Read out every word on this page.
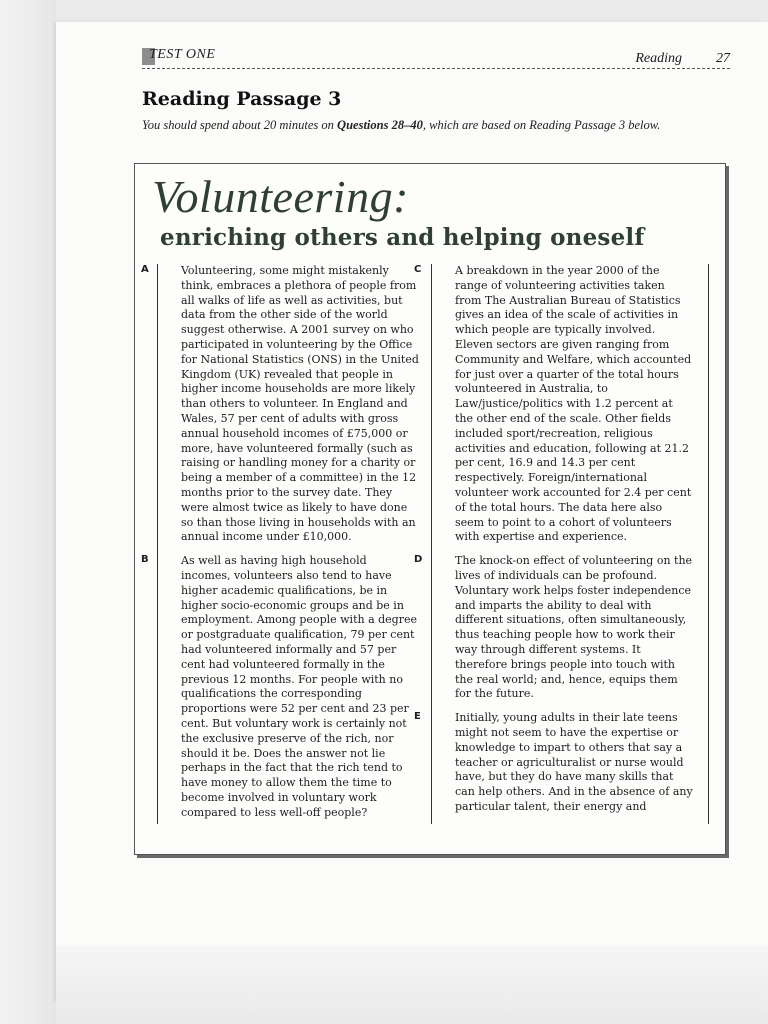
TEST ONE	Reading 27
Reading Passage 3
You should spend about 20 minutes on Questions 28–40, which are based on Reading Passage 3 below.
Volunteering:
enriching others and helping oneself
A	Volunteering, some might mistakenly think, embraces a plethora of people from all walks of life as well as activities, but data from the other side of the world suggest otherwise. A 2001 survey on who participated in volunteering by the Office for National Statistics (ONS) in the United Kingdom (UK) revealed that people in higher income households are more likely than others to volunteer. In England and Wales, 57 per cent of adults with gross annual household incomes of £75,000 or more, have volunteered formally (such as raising or handling money for a charity or being a member of a committee) in the 12 months prior to the survey date. They were almost twice as likely to have done so than those living in households with an annual income under £10,000.

B	As well as having high household incomes, volunteers also tend to have higher academic qualifications, be in higher socio-economic groups and be in employment. Among people with a degree or postgraduate qualification, 79 per cent had volunteered informally and 57 per cent had volunteered formally in the previous 12 months. For people with no qualifications the corresponding proportions were 52 per cent and 23 per cent. But voluntary work is certainly not the exclusive preserve of the rich, nor should it be. Does the answer not lie perhaps in the fact that the rich tend to have money to allow them the time to become involved in voluntary work compared to less well-off people?

C	A breakdown in the year 2000 of the range of volunteering activities taken from The Australian Bureau of Statistics gives an idea of the scale of activities in which people are typically involved. Eleven sectors are given ranging from Community and Welfare, which accounted for just over a quarter of the total hours volunteered in Australia, to Law/justice/politics with 1.2 percent at the other end of the scale. Other fields included sport/recreation, religious activities and education, following at 21.2 per cent, 16.9 and 14.3 per cent respectively. Foreign/international volunteer work accounted for 2.4 per cent of the total hours. The data here also seem to point to a cohort of volunteers with expertise and experience.

D	The knock-on effect of volunteering on the lives of individuals can be profound. Voluntary work helps foster independence and imparts the ability to deal with different situations, often simultaneously, thus teaching people how to work their way through different systems. It therefore brings people into touch with the real world; and, hence, equips them for the future.

E	Initially, young adults in their late teens might not seem to have the expertise or knowledge to impart to others that say a teacher or agriculturalist or nurse would have, but they do have many skills that can help others. And in the absence of any particular talent, their energy and
